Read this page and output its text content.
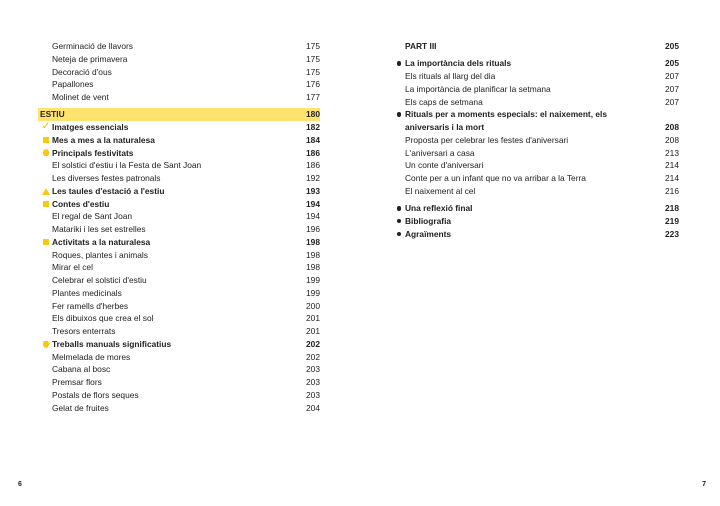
Germinació de llavors	175
Neteja de primavera	175
Decoració d'ous	175
Papallones	176
Molinet de vent	177
ESTIU	180
✓ Imatges essencials	182
Mes a mes a la naturalesa	184
Principals festivitats	186
El solstici d'estiu i la Festa de Sant Joan	186
Les diverses festes patronals	192
Les taules d'estació a l'estiu	193
Contes d'estiu	194
El regal de Sant Joan	194
Matariki i les set estrelles	196
Activitats a la naturalesa	198
Roques, plantes i animals	198
Mirar el cel	198
Celebrar el solstici d'estiu	199
Plantes medicinals	199
Fer ramells d'herbes	200
Els dibuixos que crea el sol	201
Tresors enterrats	201
Treballs manuals significatius	202
Melmelada de mores	202
Cabana al bosc	203
Premsar flors	203
Postals de flors seques	203
Gelat de fruites	204
6
PART III	205
La importància dels rituals	205
Els rituals al llarg del dia	207
La importància de planificar la setmana	207
Els caps de setmana	207
Rituals per a moments especials: el naixement, els aniversaris i la mort	208
Proposta per celebrar les festes d'aniversari	208
L'aniversari a casa	213
Un conte d'aniversari	214
Conte per a un infant que no va arribar a la Terra	214
El naixement al cel	216
Una reflexió final	218
Bibliografia	219
Agraïments	223
7
